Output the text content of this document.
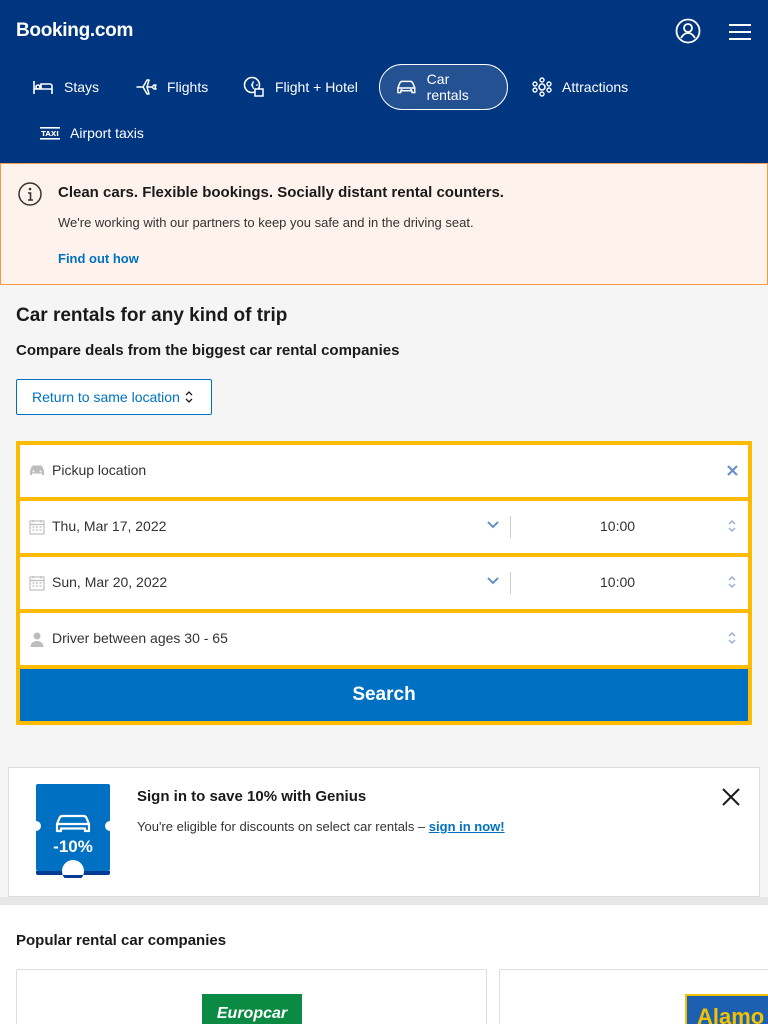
Booking.com
Stays	Flights	Flight + Hotel	Car rentals	Attractions
TAXI Airport taxis
Clean cars. Flexible bookings. Socially distant rental counters.
We're working with our partners to keep you safe and in the driving seat.
Find out how
Car rentals for any kind of trip
Compare deals from the biggest car rental companies
Return to same location
Pickup location
Thu, Mar 17, 2022	10:00
Sun, Mar 20, 2022	10:00
Driver between ages 30 - 65
Search
-10%
Sign in to save 10% with Genius
You're eligible for discounts on select car rentals – sign in now!
Popular rental car companies
Europcar	Alamo
